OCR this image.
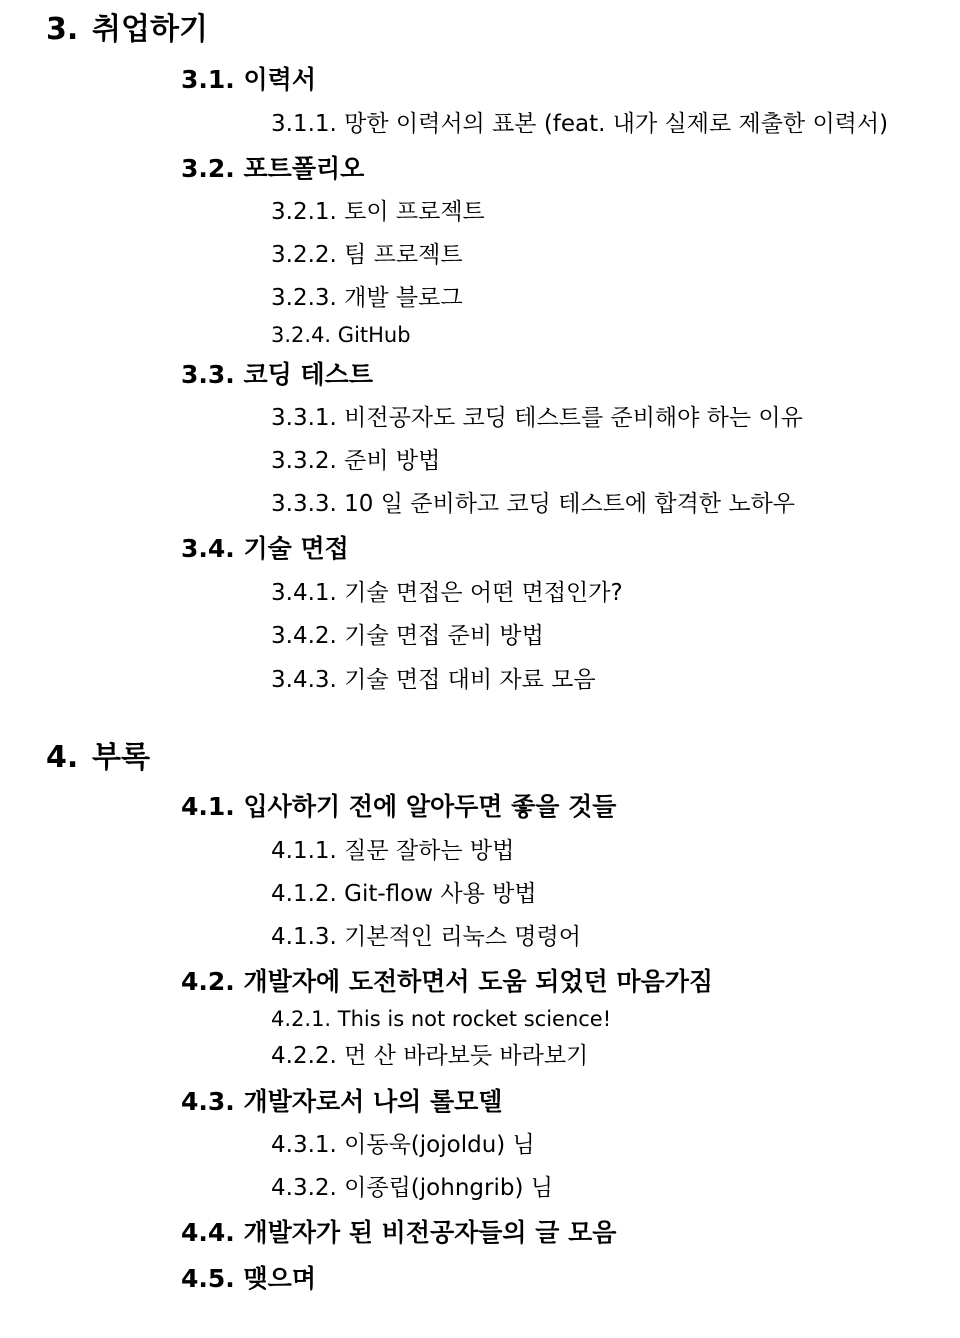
3. 취업하기
3.1. 이력서
3.1.1. 망한 이력서의 표본 (feat. 내가 실제로 제출한 이력서)
3.2. 포트폴리오
3.2.1. 토이 프로젝트
3.2.2. 팀 프로젝트
3.2.3. 개발 블로그
3.2.4. GitHub
3.3. 코딩 테스트
3.3.1. 비전공자도 코딩 테스트를 준비해야 하는 이유
3.3.2. 준비 방법
3.3.3. 10 일 준비하고 코딩 테스트에 합격한 노하우
3.4. 기술 면접
3.4.1. 기술 면접은 어떤 면접인가?
3.4.2. 기술 면접 준비 방법
3.4.3. 기술 면접 대비 자료 모음
4. 부록
4.1. 입사하기 전에 알아두면 좋을 것들
4.1.1. 질문 잘하는 방법
4.1.2. Git-flow 사용 방법
4.1.3. 기본적인 리눅스 명령어
4.2. 개발자에 도전하면서 도움 되었던 마음가짐
4.2.1. This is not rocket science!
4.2.2. 먼 산 바라보듯 바라보기
4.3. 개발자로서 나의 롤모델
4.3.1. 이동욱(jojoldu) 님
4.3.2. 이종립(johngrib) 님
4.4. 개발자가 된 비전공자들의 글 모음
4.5. 맺으며
